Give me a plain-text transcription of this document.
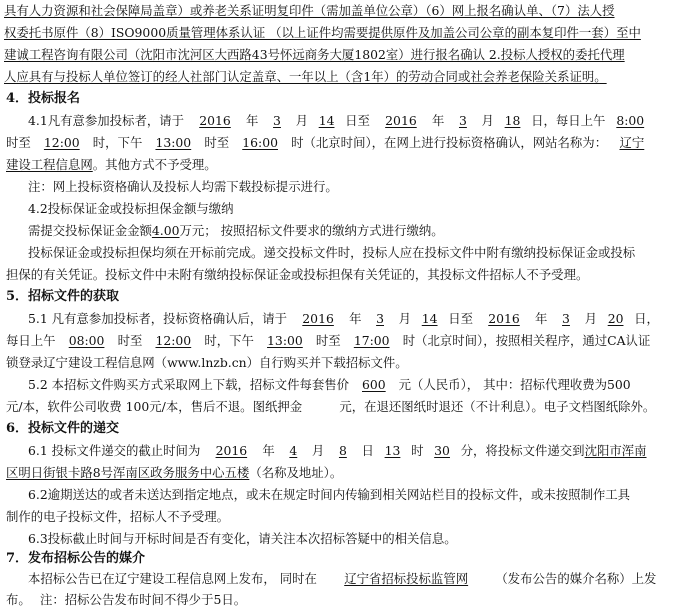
具有人力资源和社会保障局盖章）或养老关系证明复印件（需加盖单位公章）（6）网上报名确认单、（7）法人授
权委托书原件（8）ISO9000质量管理体系认证 （以上证件均需要提供原件及加盖公司公章的副本复印件一套）至中
建诚工程咨询有限公司（沈阳市沈河区大西路43号怀远商务大厦1802室）进行报名确认 2.投标人授权的委托代理
人应具有与投标人单位签订的经人社部门认定盖章、一年以上（含1年）的劳动合同或社会养老保险关系证明。
4．投标报名
4.1凡有意参加投标者，请于 2016 年 3 月 14 日至 2016 年 3 月 18 日，每日上午 8:00
时至 12:00 时，下午 13:00 时至 16:00 时（北京时间），在网上进行投标资格确认，网站名称为： 辽宁
建设工程信息网。其他方式不予受理。
注：网上投标资格确认及投标人均需下载投标提示进行。
4.2投标保证金或投标担保金额与缴纳
需提交投标保证金金额4.00万元； 按照招标文件要求的缴纳方式进行缴纳。
投标保证金或投标担保均须在开标前完成。递交投标文件时，投标人应在投标文件中附有缴纳投标保证金或投标
担保的有关凭证。投标文件中未附有缴纳投标保证金或投标担保有关凭证的，其投标文件招标人不予受理。
5．招标文件的获取
5.1 凡有意参加投标者，投标资格确认后，请于 2016 年 3 月 14 日至 2016 年 3 月 20 日，
每日上午 08:00 时至 12:00 时，下午 13:00 时至 17:00 时（北京时间），按照相关程序，通过CA认证
锁登录辽宁建设工程信息网（www.lnzb.cn）自行购买并下载招标文件。
5.2 本招标文件购买方式采取网上下载，招标文件每套售价 600 元（人民币）， 其中：招标代理收费为500
元/本，软件公司收费 100元/本，售后不退。图纸押金	元，在退还图纸时退还（不计利息）。电子文档图纸除外。
6．投标文件的递交
6.1 投标文件递交的截止时间为 2016 年 4 月 8 日 13 时 30 分，将投标文件递交到沈阳市浑南
区明日街银卡路8号浑南区政务服务中心五楼（名称及地址）。
6.2逾期送达的或者未送达到指定地点，或未在规定时间内传输到相关网站栏目的投标文件，或未按照制作工具
制作的电子投标文件，招标人不予受理。
6.3投标截止时间与开标时间是否有变化，请关注本次招标答疑中的相关信息。
7．发布招标公告的媒介
本招标公告已在辽宁建设工程信息网上发布， 同时在 辽宁省招标投标监管网 （发布公告的媒介名称）上发
布。 注：招标公告发布时间不得少于5日。
